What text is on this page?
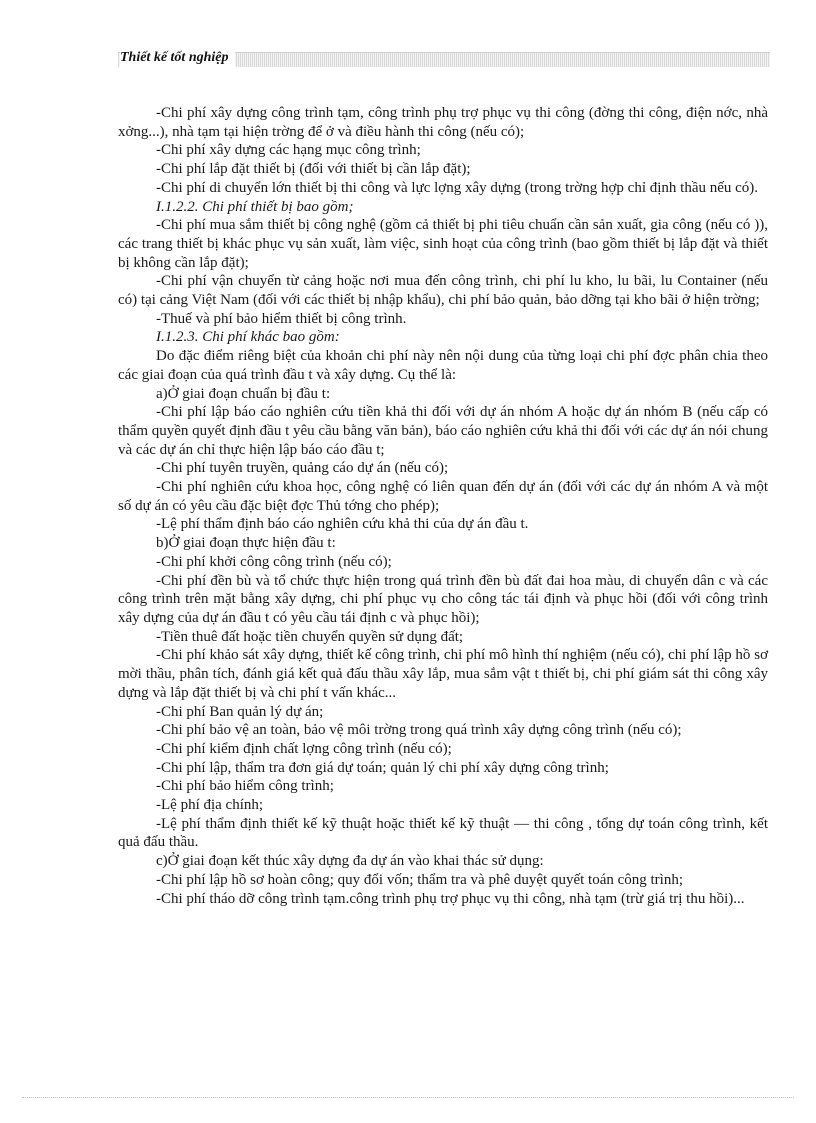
Thiết kế tốt nghiệp
-Chi phí xây dựng công trình tạm, công trình phụ trợ phục vụ thi công (đờng thi công, điện nớc, nhà xởng...), nhà tạm tại hiện trờng để ở và điều hành thi công (nếu có);
-Chi phí xây dựng các hạng mục công trình;
-Chi phí lắp đặt thiết bị (đối với thiết bị cần lắp đặt);
-Chi phí di chuyển lớn thiết bị thi công và lực lợng xây dựng (trong trờng hợp chỉ định thầu nếu có).
I.1.2.2. Chi phí thiết bị bao gồm;
-Chi phí mua sắm thiết bị công nghệ (gồm cả thiết bị phi tiêu chuẩn cần sản xuất, gia công (nếu có )), các trang thiết bị khác phục vụ sản xuất, làm việc, sinh hoạt của công trình (bao gồm thiết bị lắp đặt và thiết bị không cần lắp đặt);
-Chi phí vận chuyển từ cảng hoặc nơi mua đến công trình, chi phí lu kho, lu bãi, lu Container (nếu có) tại cảng Việt Nam (đối với các thiết bị nhập khẩu), chi phí bảo quản, bảo dỡng tại kho bãi ở hiện trờng;
-Thuế và phí bảo hiểm thiết bị công trình.
I.1.2.3. Chi phí khác bao gồm:
Do đặc điểm riêng biệt của khoản chi phí này nên nội dung của từng loại chi phí đợc phân chia theo các giai đoạn của quá trình đầu t và xây dựng. Cụ thể là:
a)Ở giai đoạn chuẩn bị đầu t:
-Chi phí lập báo cáo nghiên cứu tiền khả thi đối với dự án nhóm A hoặc dự án nhóm B (nếu cấp có thẩm quyền quyết định đầu t yêu cầu bằng văn bản), báo cáo nghiên cứu khả thi đối với các dự án nói chung và các dự án chỉ thực hiện lập báo cáo đầu t;
-Chi phí tuyên truyền, quảng cáo dự án (nếu có);
-Chi phí nghiên cứu khoa học, công nghệ có liên quan đến dự án (đối với các dự án nhóm A và một số dự án có yêu cầu đặc biệt đợc Thủ tớng cho phép);
-Lệ phí thẩm định báo cáo nghiên cứu khả thi của dự án đầu t.
b)Ở giai đoạn thực hiện đầu t:
-Chi phí khởi công công trình (nếu có);
-Chi phí đền bù và tổ chức thực hiện trong quá trình đền bù đất đai hoa màu, di chuyển dân c và các công trình trên mặt bằng xây dựng, chi phí phục vụ cho công tác tái định và phục hồi (đối với công trình xây dựng của dự án đầu t có yêu cầu tái định c và phục hồi);
-Tiền thuê đất hoặc tiền chuyển quyền sử dụng đất;
-Chi phí khảo sát xây dựng, thiết kế công trình, chi phí mô hình thí nghiệm (nếu có), chi phí lập hồ sơ mời thầu, phân tích, đánh giá kết quả đấu thầu xây lắp, mua sắm vật t thiết bị, chi phí giám sát thi công xây dựng và lắp đặt thiết bị và chi phí t vấn khác...
-Chi phí Ban quản lý dự án;
-Chi phí bảo vệ an toàn, bảo vệ môi trờng trong quá trình xây dựng công trình (nếu có);
-Chi phí kiểm định chất lợng công trình (nếu có);
-Chi phí lập, thẩm tra đơn giá dự toán; quản lý chi phí xây dựng công trình;
-Chi phí bảo hiểm công trình;
-Lệ phí địa chính;
-Lệ phí thẩm định thiết kế kỹ thuật hoặc thiết kế kỹ thuật — thi công , tổng dự toán công trình, kết quả đấu thầu.
c)Ở giai đoạn kết thúc xây dựng đa dự án vào khai thác sử dụng:
-Chi phí lập hồ sơ hoàn công; quy đổi vốn; thẩm tra và phê duyệt quyết toán công trình;
-Chi phí tháo dỡ công trình tạm.công trình phụ trợ phục vụ thi công, nhà tạm (trừ giá trị thu hồi)...
